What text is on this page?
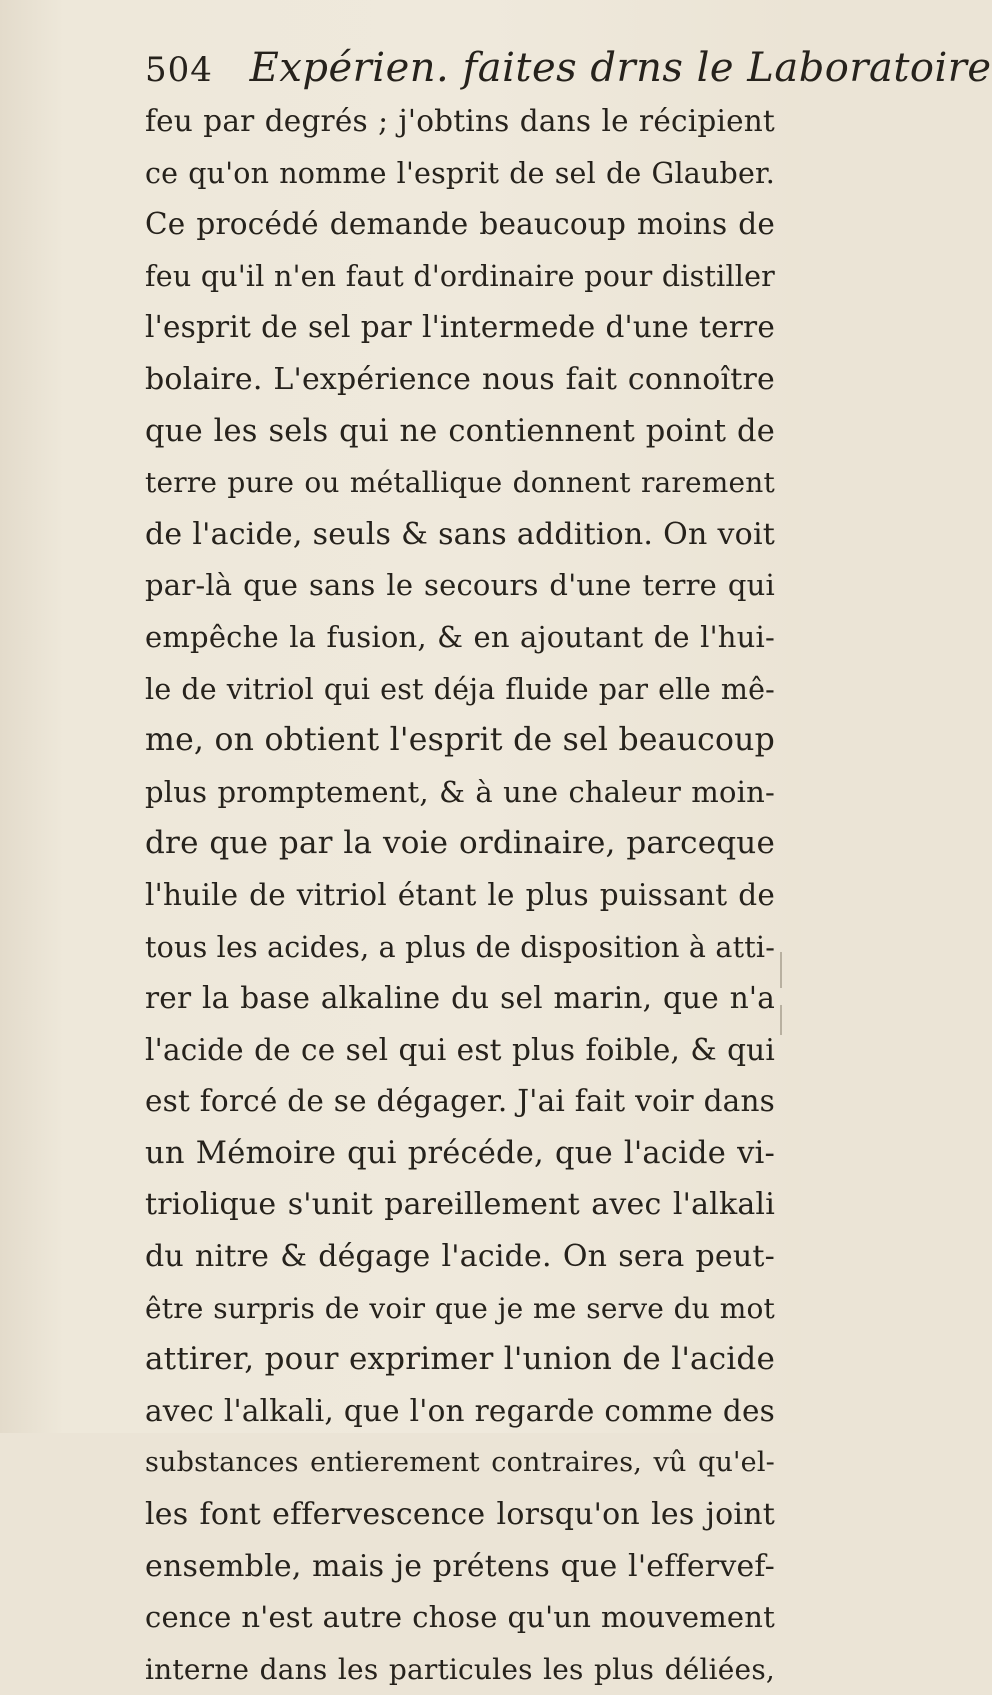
504 Expérien. faites drns le Laboratoire
feu par degrés ; j'obtins dans le récipient
ce qu'on nomme l'esprit de sel de Glauber.
Ce procédé demande beaucoup moins de
feu qu'il n'en faut d'ordinaire pour distiller
l'esprit de sel par l'intermede d'une terre
bolaire. L'expérience nous fait connoître
que les sels qui ne contiennent point de
terre pure ou métallique donnent rarement
de l'acide, seuls & sans addition. On voit
par-là que sans le secours d'une terre qui
empêche la fusion, & en ajoutant de l'hui-
le de vitriol qui est déja fluide par elle mê-
me, on obtient l'esprit de sel beaucoup
plus promptement, & à une chaleur moin-
dre que par la voie ordinaire, parceque
l'huile de vitriol étant le plus puissant de
tous les acides, a plus de disposition à atti-
rer la base alkaline du sel marin, que n'a
l'acide de ce sel qui est plus foible, & qui
est forcé de se dégager. J'ai fait voir dans
un Mémoire qui précéde, que l'acide vi-
triolique s'unit pareillement avec l'alkali
du nitre & dégage l'acide. On sera peut-
être surpris de voir que je me serve du mot
attirer, pour exprimer l'union de l'acide
avec l'alkali, que l'on regarde comme des
substances entierement contraires, vû qu'el-
les font effervescence lorsqu'on les joint
ensemble, mais je prétens que l'effervef-
cence n'est autre chose qu'un mouvement
interne dans les particules les plus déliées,
